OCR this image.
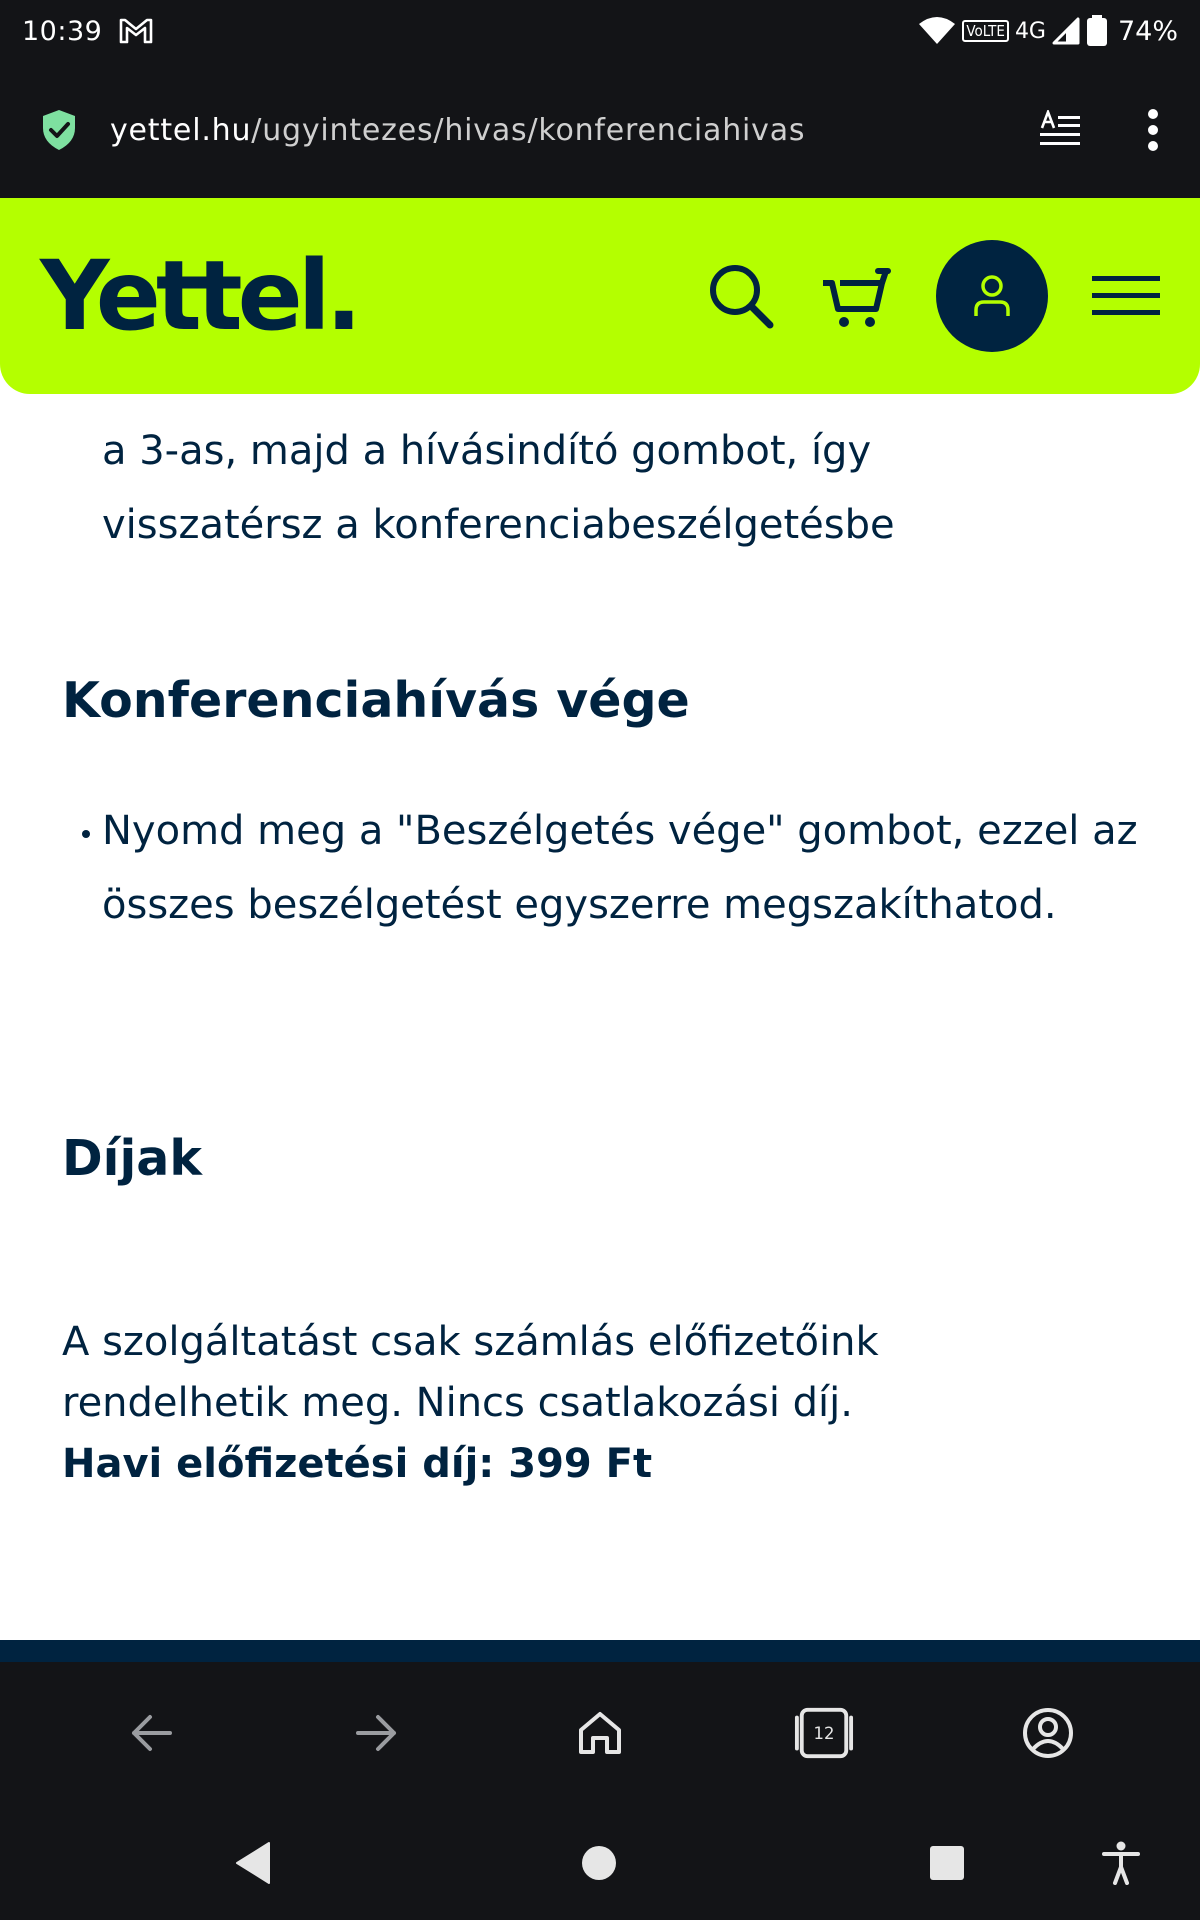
10:39	VoLTE 4G	74%
yettel.hu/ugyintezes/hivas/konferenciahivas
Yettel.
a 3-as, majd a hívásindító gombot, így
visszatérsz a konferenciabeszélgetésbe
Konferenciahívás vége
Nyomd meg a "Beszélgetés vége" gombot, ezzel az összes beszélgetést egyszerre megszakíthatod.
Díjak
A szolgáltatást csak számlás előfizetőink
rendelhetik meg. Nincs csatlakozási díj.
Havi előfizetési díj: 399 Ft
12
